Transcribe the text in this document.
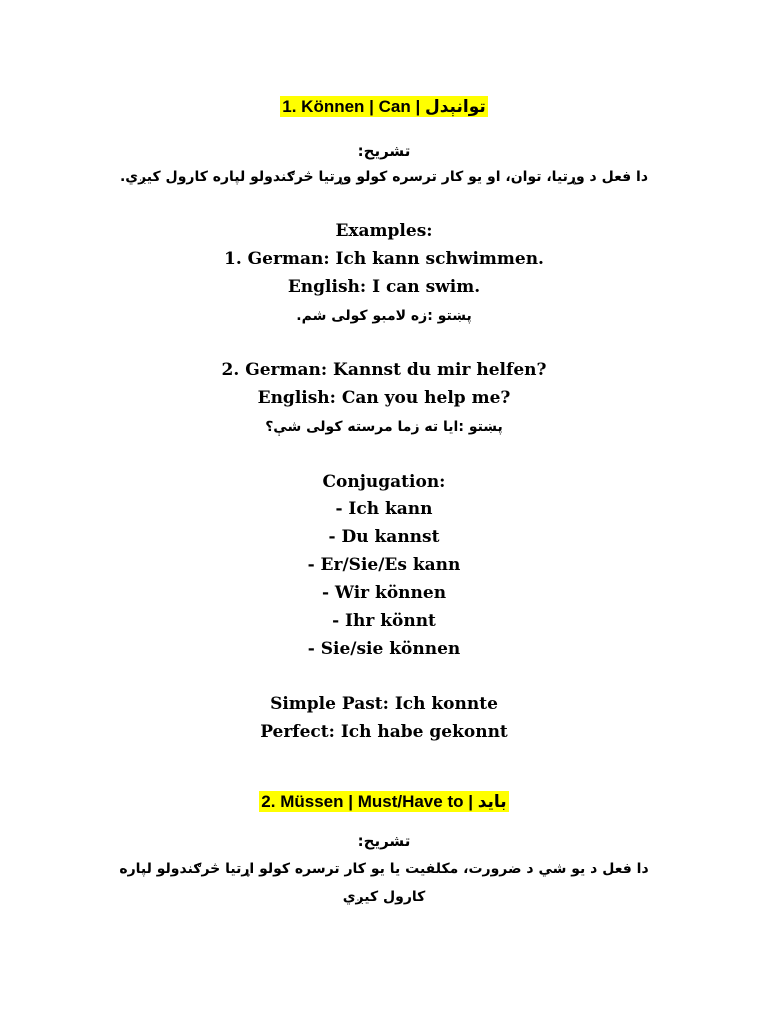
1. Können | Can | توانېدل
تشریح:
دا فعل د وړتیا، توان، او یو کار ترسره کولو وړتیا څرګندولو لپاره کارول کیږي.
Examples:
1. German: Ich kann schwimmen.
English: I can swim.
پښتو :زه لامبو کولی شم.
2. German: Kannst du mir helfen?
English: Can you help me?
پښتو :ایا ته زما مرسته کولی شې؟
Conjugation:
- Ich kann
- Du kannst
- Er/Sie/Es kann
- Wir können
- Ihr könnt
- Sie/sie können
Simple Past: Ich konnte
Perfect: Ich habe gekonnt
2. Müssen | Must/Have to | باید
تشریح:
دا فعل د یو شي د ضرورت، مکلفیت یا یو کار ترسره کولو اړتیا څرګندولو لپاره
کارول کیږي
